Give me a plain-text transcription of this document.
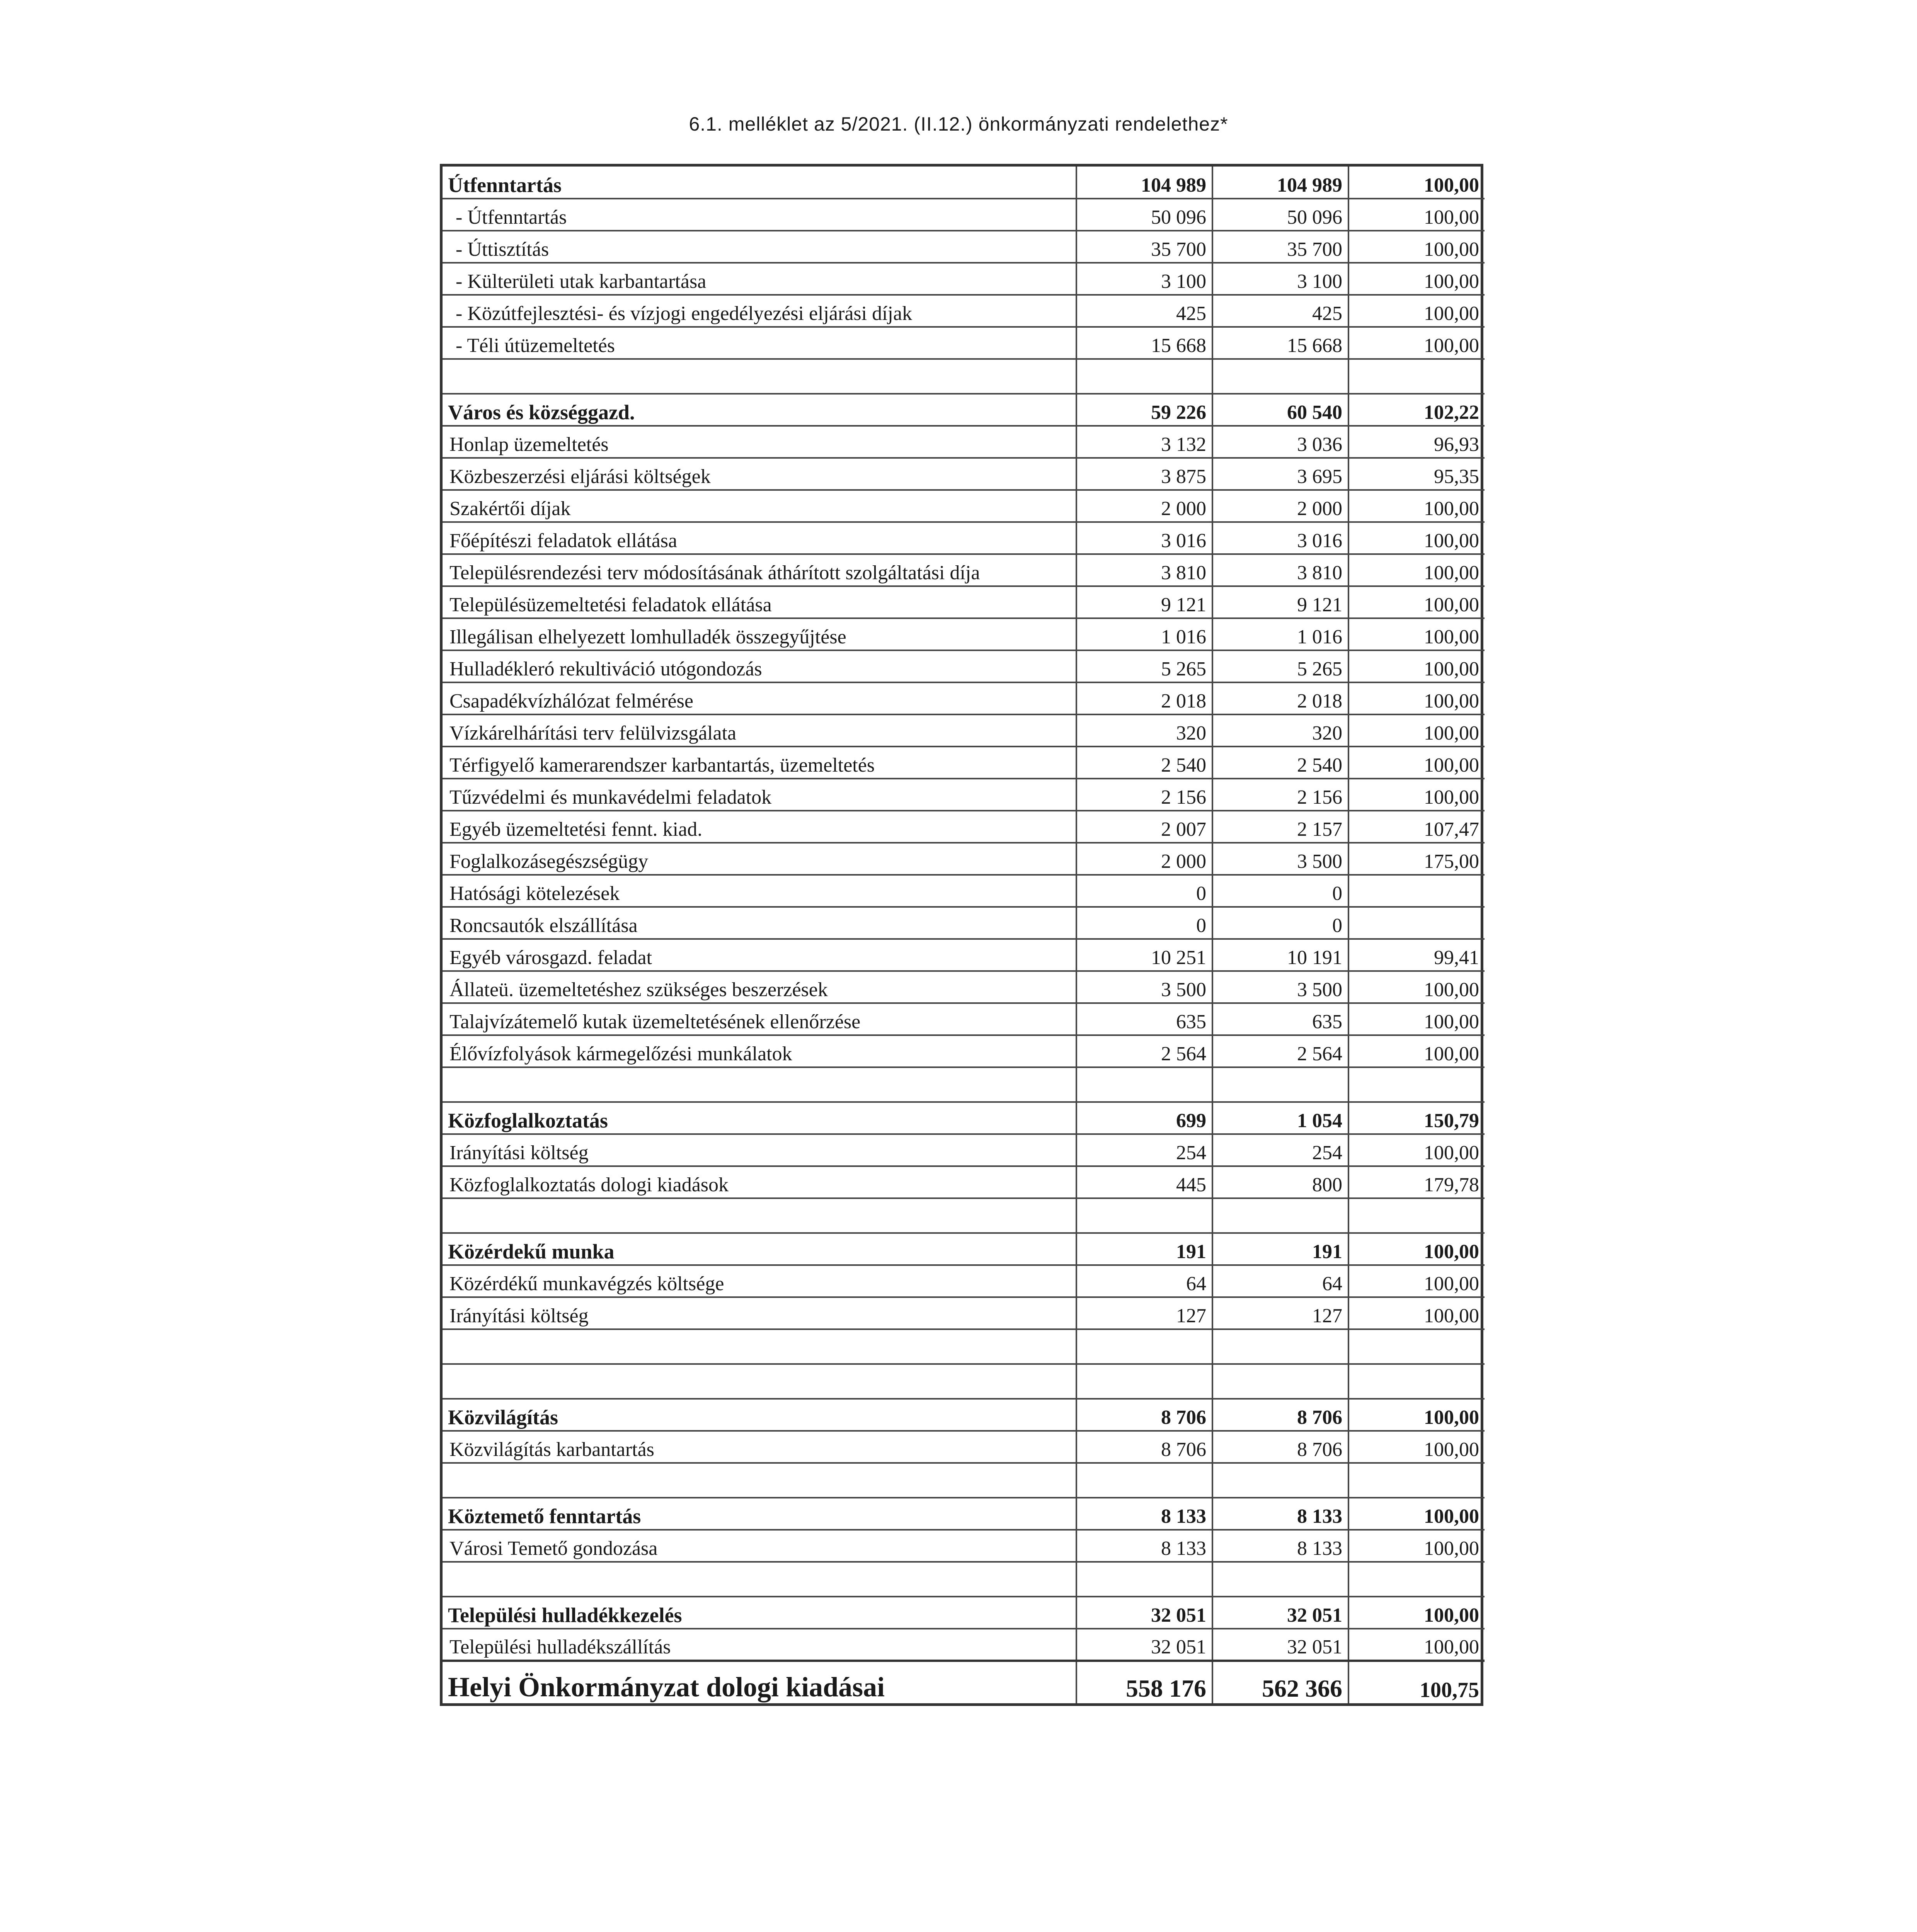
6.1. melléklet az 5/2021. (II.12.) önkormányzati rendelethez*
Útfenntartás	104 989	104 989	100,00
- Útfenntartás	50 096	50 096	100,00
- Úttisztítás	35 700	35 700	100,00
- Külterületi utak karbantartása	3 100	3 100	100,00
- Közútfejlesztési- és vízjogi engedélyezési eljárási díjak	425	425	100,00
- Téli útüzemeltetés	15 668	15 668	100,00

Város és községgazd.	59 226	60 540	102,22
Honlap üzemeltetés	3 132	3 036	96,93
Közbeszerzési eljárási költségek	3 875	3 695	95,35
Szakértői díjak	2 000	2 000	100,00
Főépítészi feladatok ellátása	3 016	3 016	100,00
Településrendezési terv módosításának áthárított szolgáltatási díja	3 810	3 810	100,00
Településüzemeltetési feladatok ellátása	9 121	9 121	100,00
Illegálisan elhelyezett lomhulladék összegyűjtése	1 016	1 016	100,00
Hulladékleró rekultiváció utógondozás	5 265	5 265	100,00
Csapadékvízhálózat felmérése	2 018	2 018	100,00
Vízkárelhárítási terv felülvizsgálata	320	320	100,00
Térfigyelő kamerarendszer karbantartás, üzemeltetés	2 540	2 540	100,00
Tűzvédelmi és munkavédelmi feladatok	2 156	2 156	100,00
Egyéb üzemeltetési fennt. kiad.	2 007	2 157	107,47
Foglalkozásegészségügy	2 000	3 500	175,00
Hatósági kötelezések	0	0	
Roncsautók elszállítása	0	0	
Egyéb városgazd. feladat	10 251	10 191	99,41
Állateü. üzemeltetéshez szükséges beszerzések	3 500	3 500	100,00
Talajvízátemelő kutak üzemeltetésének ellenőrzése	635	635	100,00
Élővízfolyások kármegelőzési munkálatok	2 564	2 564	100,00

Közfoglalkoztatás	699	1 054	150,79
Irányítási költség	254	254	100,00
Közfoglalkoztatás dologi kiadások	445	800	179,78

Közérdekű munka	191	191	100,00
Közérdékű munkavégzés költsége	64	64	100,00
Irányítási költség	127	127	100,00

Közvilágítás	8 706	8 706	100,00
Közvilágítás karbantartás	8 706	8 706	100,00

Köztemető fenntartás	8 133	8 133	100,00
Városi Temető gondozása	8 133	8 133	100,00

Települési hulladékkezelés	32 051	32 051	100,00
Települési hulladékszállítás	32 051	32 051	100,00
Helyi Önkormányzat dologi kiadásai	558 176	562 366	100,75
